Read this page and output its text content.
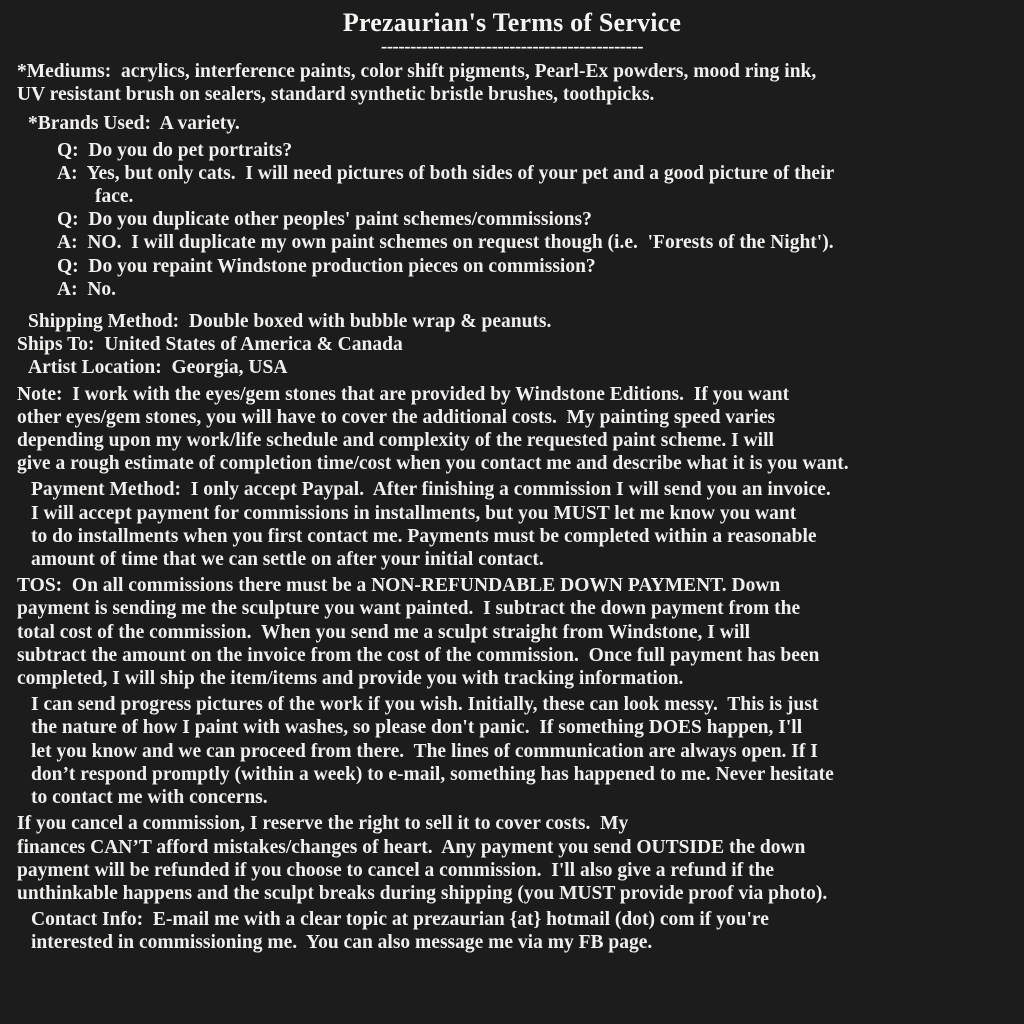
Prezaurian's Terms of Service
---------------------------------------------
*Mediums:  acrylics, interference paints, color shift pigments, Pearl-Ex powders, mood ring ink,
UV resistant brush on sealers, standard synthetic bristle brushes, toothpicks.
*Brands Used:  A variety.
Q:  Do you do pet portraits?
A:  Yes, but only cats.  I will need pictures of both sides of your pet and a good picture of their
face.
Q:  Do you duplicate other peoples' paint schemes/commissions?
A:  NO.  I will duplicate my own paint schemes on request though (i.e.  'Forests of the Night').
Q:  Do you repaint Windstone production pieces on commission?
A:  No.
Shipping Method:  Double boxed with bubble wrap & peanuts.
Ships To:  United States of America & Canada
Artist Location:  Georgia, USA
Note:  I work with the eyes/gem stones that are provided by Windstone Editions.  If you want
other eyes/gem stones, you will have to cover the additional costs.  My painting speed varies
depending upon my work/life schedule and complexity of the requested paint scheme. I will
give a rough estimate of completion time/cost when you contact me and describe what it is you want.
Payment Method:  I only accept Paypal.  After finishing a commission I will send you an invoice.
I will accept payment for commissions in installments, but you MUST let me know you want
to do installments when you first contact me. Payments must be completed within a reasonable
amount of time that we can settle on after your initial contact.
TOS:  On all commissions there must be a NON-REFUNDABLE DOWN PAYMENT. Down
payment is sending me the sculpture you want painted.  I subtract the down payment from the
total cost of the commission.  When you send me a sculpt straight from Windstone, I will
subtract the amount on the invoice from the cost of the commission.  Once full payment has been
completed, I will ship the item/items and provide you with tracking information.
I can send progress pictures of the work if you wish. Initially, these can look messy.  This is just
the nature of how I paint with washes, so please don't panic.  If something DOES happen, I'll
let you know and we can proceed from there.  The lines of communication are always open. If I
don’t respond promptly (within a week) to e-mail, something has happened to me. Never hesitate
to contact me with concerns.
If you cancel a commission, I reserve the right to sell it to cover costs.  My
finances CAN’T afford mistakes/changes of heart.  Any payment you send OUTSIDE the down
payment will be refunded if you choose to cancel a commission.  I'll also give a refund if the
unthinkable happens and the sculpt breaks during shipping (you MUST provide proof via photo).
Contact Info:  E-mail me with a clear topic at prezaurian {at} hotmail (dot) com if you're
interested in commissioning me.  You can also message me via my FB page.
